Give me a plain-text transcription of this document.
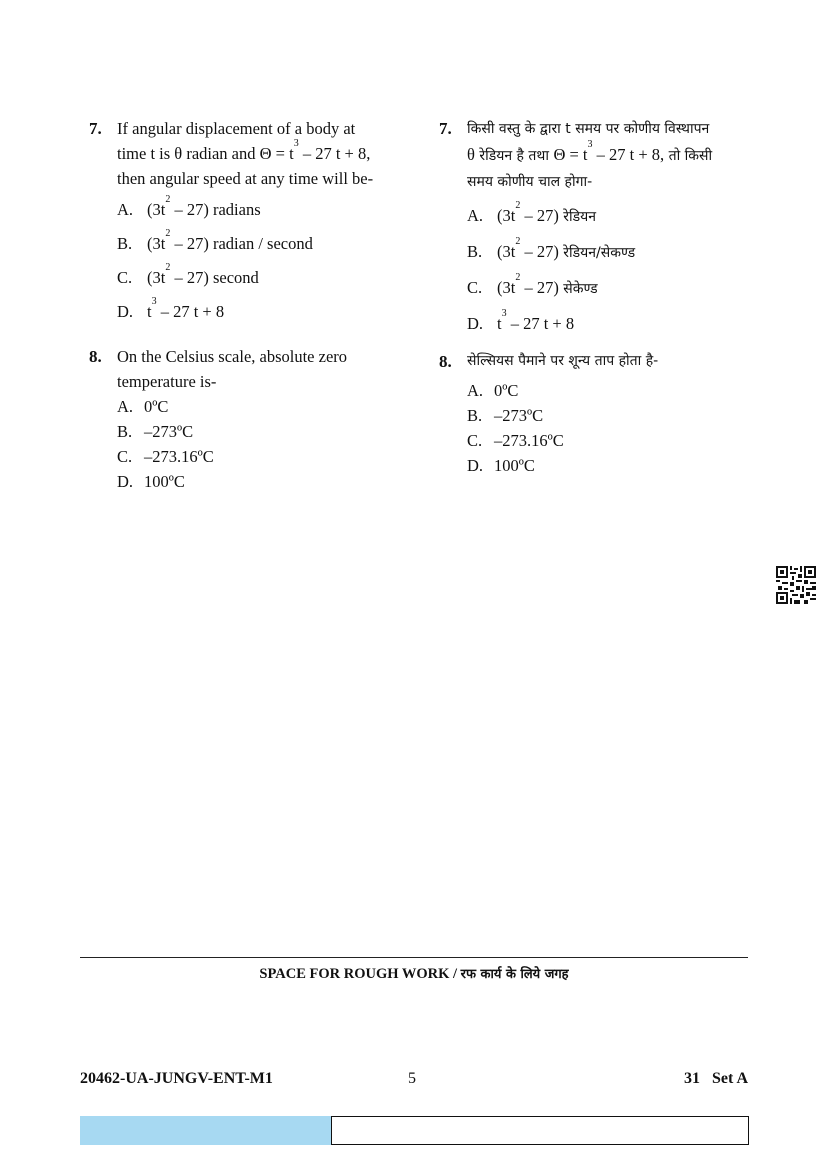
7. If angular displacement of a body at
time t is θ radian and $\Theta = t^3 - 27$ t + 8,
then angular speed at any time will be-
A. $(3t^2 - 27)$ radians
B. $(3t^2 - 27)$ radian / second
C. $(3t^2 - 27)$ second
D. $t^3 - 27$ t + 8
8. On the Celsius scale, absolute zero
temperature is-
A. 0ºC
B. –273ºC
C. –273.16ºC
D. 100ºC
7. किसी वस्तु के द्वारा t समय पर कोणीय विस्थापन
θ रेडियन है तथा $\Theta = t^3 - 27$ t + 8, तो किसी
समय कोणीय चाल होगा-
A. $(3t^2 - 27)$ रेडियन
B. $(3t^2 - 27)$ रेडियन/सेकण्ड
C. $(3t^2 - 27)$ सेकेण्ड
D. $t^3 - 27$ t + 8
8. सेल्सियस पैमाने पर शून्य ताप होता है-
A. 0ºC
B. –273ºC
C. –273.16ºC
D. 100ºC
SPACE FOR ROUGH WORK / रफ कार्य के लिये जगह
20462-UA-JUNGV-ENT-M1	5	31   Set A
